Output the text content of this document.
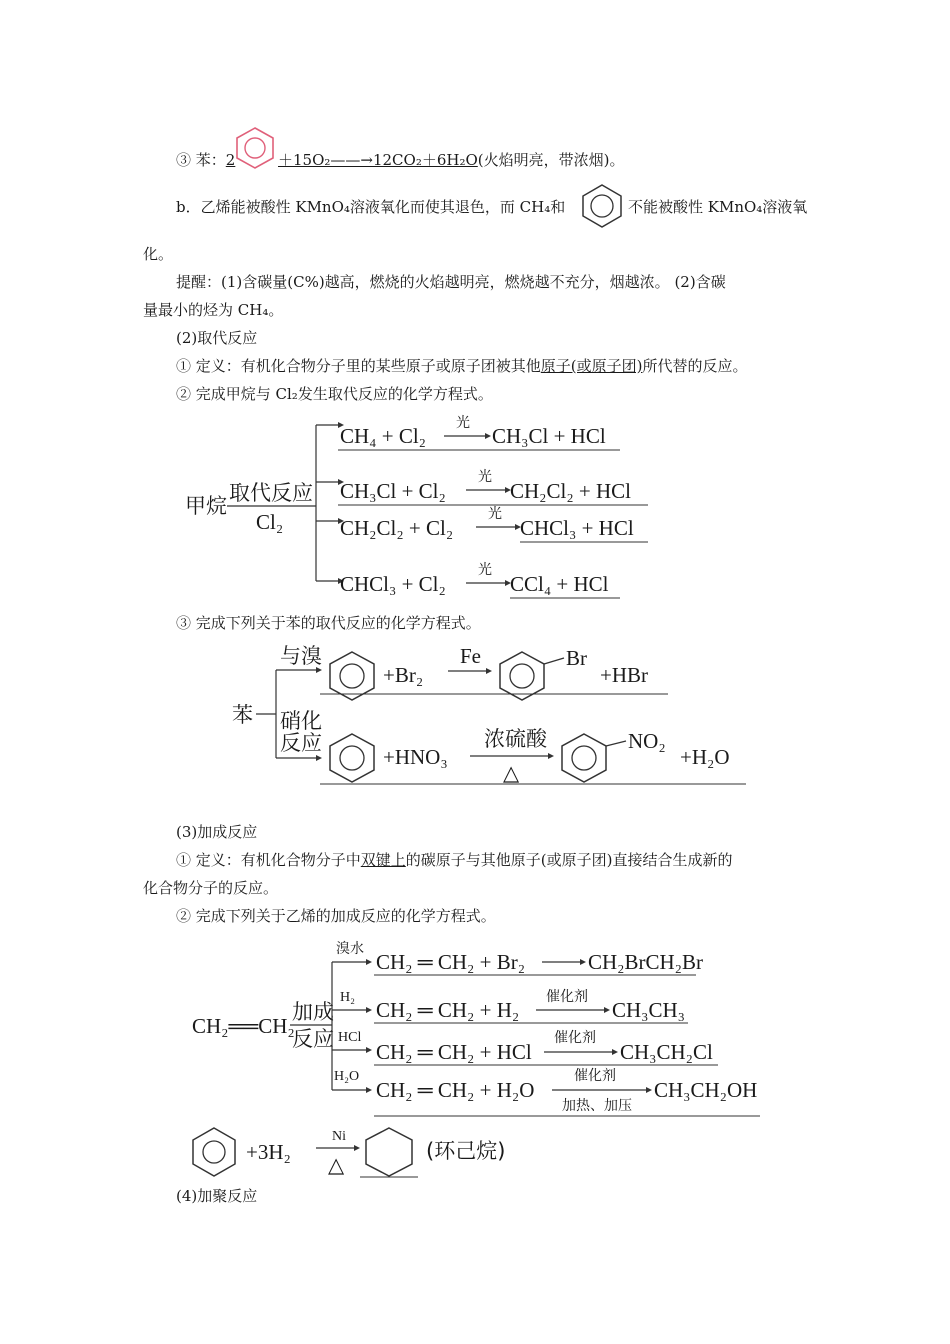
③ 苯：2	＋15O₂——→12CO₂＋6H₂O(火焰明亮，带浓烟)。
b．乙烯能被酸性 KMnO₄溶液氧化而使其退色，而 CH₄和	不能被酸性 KMnO₄溶液氧
化。
提醒：(1)含碳量(C%)越高，燃烧的火焰越明亮，燃烧越不充分，烟越浓。 (2)含碳
量最小的烃为 CH₄。
(2)取代反应
① 定义：有机化合物分子里的某些原子或原子团被其他原子(或原子团)所代替的反应。
② 完成甲烷与 Cl₂发生取代反应的化学方程式。
甲烷
取代反应
Cl₂
CH₄ + Cl₂
光
CH₃Cl + HCl
CH₃Cl + Cl₂
光
CH₂Cl₂ + HCl
CH₂Cl₂ + Cl₂
光
CHCl₃ + HCl
CHCl₃ + Cl₂
光
CCl₄ + HCl
③ 完成下列关于苯的取代反应的化学方程式。
苯
与溴
硝化
反应
+Br₂
Fe	Br
+HBr
+HNO₃
浓硫酸
△
NO₂
+H₂O
(3)加成反应
① 定义：有机化合物分子中双键上的碳原子与其他原子(或原子团)直接结合生成新的
化合物分子的反应。
② 完成下列关于乙烯的加成反应的化学方程式。
CH₂══CH₂
加成
反应
溴水
CH₂ ═ CH₂ + Br₂	CH₂BrCH₂Br
H₂
CH₂ ═ CH₂ + H₂
催化剂
CH₃CH₃
HCl
CH₂ ═ CH₂ + HCl
催化剂
CH₃CH₂Cl
H₂O
CH₂ ═ CH₂ + H₂O
催化剂
加热、加压
CH₃CH₂OH
+3H₂
Ni
△
(环己烷)
(4)加聚反应
